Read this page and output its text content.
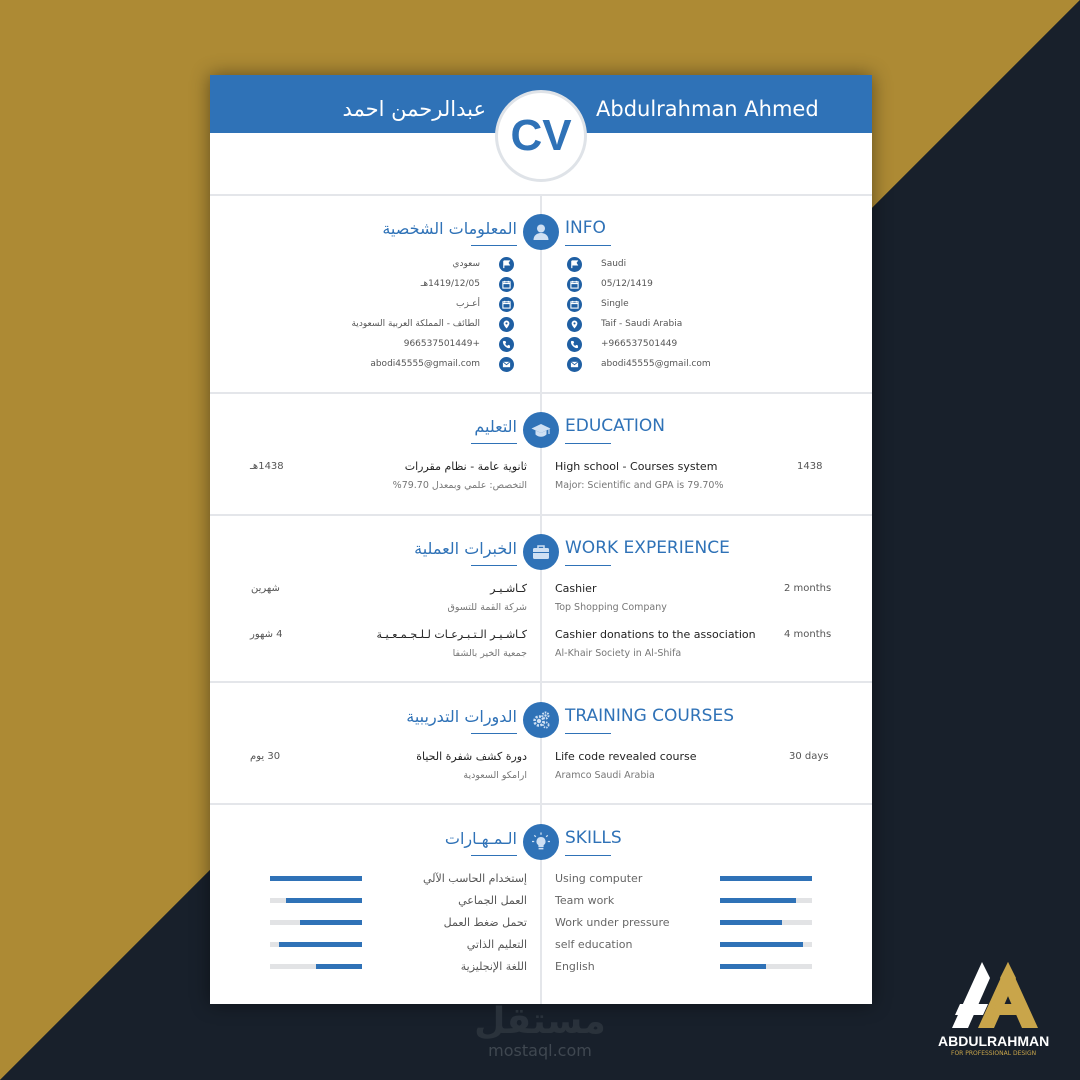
عبدالرحمن احمد	Abdulrahman Ahmed
CV
INFO
المعلومات الشخصية
Saudi
سعودي
05/12/1419
1419/12/05هـ
Single
أعـزب
Taif - Saudi Arabia
الطائف - المملكة العربية السعودية
+966537501449
+966537501449
abodi45555@gmail.com
abodi45555@gmail.com
EDUCATION
التعليم
High school - Courses system
Major: Scientific and GPA is 79.70%
1438
ثانوية عامة - نظام مقررات
التخصص: علمي وبمعدل 79.70%
1438هـ
WORK EXPERIENCE
الخبرات العملية
Cashier
Top Shopping Company
2 months
كـاشـيـر
شركة القمة للتسوق
شهرين
Cashier donations to the association
Al-Khair Society in Al-Shifa
4 months
كـاشـيـر الـتـبـرعـات لـلـجـمـعـيـة
جمعية الخير بالشفا
4 شهور
TRAINING COURSES
الدورات التدريبية
Life code revealed course
Aramco Saudi Arabia
30 days
دورة كشف شفرة الحياة
ارامكو السعودية
30 يوم
SKILLS
الـمـهـارات
Using computer
Team work
Work under pressure
self education
English
إستخدام الحاسب الآلي
العمل الجماعي
تحمل ضغط العمل
التعليم الذاتي
اللغة الإنجليزية
مستقل
mostaql.com	ABDULRAHMAN
FOR PROFESSIONAL DESIGN
